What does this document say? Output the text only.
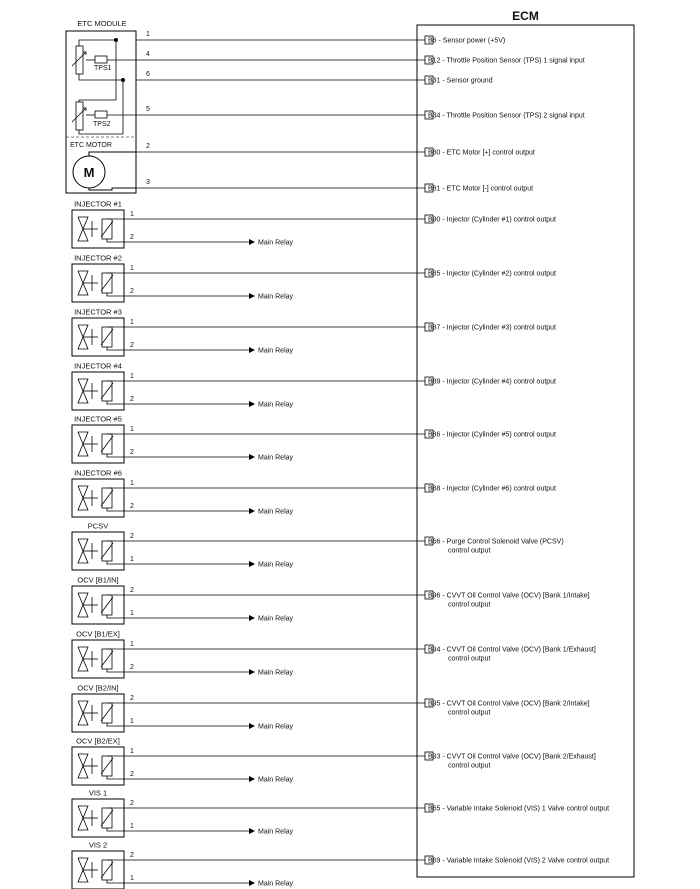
ECM
ETC MODULE
TPS1
TPS2
ETC MOTOR
M
1
B6 - Sensor power (+5V)
4
B12 - Throttle Position Sensor (TPS) 1 signal input
6
B31 - Sensor ground
5
B34 - Throttle Position Sensor (TPS) 2 signal input
2
B80 - ETC Motor [+] control output
3
B81 - ETC Motor [-] control output
INJECTOR #1
1
B90 - Injector (Cylinder #1) control output
2
Main Relay
INJECTOR #2
1
B85 - Injector (Cylinder #2) control output
2
Main Relay
INJECTOR #3
1
B87 - Injector (Cylinder #3) control output
2
Main Relay
INJECTOR #4
1
B89 - Injector (Cylinder #4) control output
2
Main Relay
INJECTOR #5
1
B86 - Injector (Cylinder #5) control output
2
Main Relay
INJECTOR #6
1
B88 - Injector (Cylinder #6) control output
2
Main Relay
PCSV
2
B66 - Purge Control Solenoid Valve (PCSV)
control output
1
Main Relay
OCV [B1/IN]
2
B96 - CVVT Oil Control Valve (OCV) [Bank 1/Intake]
control output
1
Main Relay
OCV [B1/EX]
1
B94 - CVVT Oil Control Valve (OCV) [Bank 1/Exhaust]
control output
2
Main Relay
OCV [B2/IN]
2
B95 - CVVT Oil Control Valve (OCV) [Bank 2/Intake]
control output
1
Main Relay
OCV [B2/EX]
1
B93 - CVVT Oil Control Valve (OCV) [Bank 2/Exhaust]
control output
2
Main Relay
VIS 1
2
B65 - Variable Intake Solenoid (VIS) 1 Valve control output
1
Main Relay
VIS 2
2
B69 - Variable Intake Solenoid (VIS) 2 Valve control output
1
Main Relay
